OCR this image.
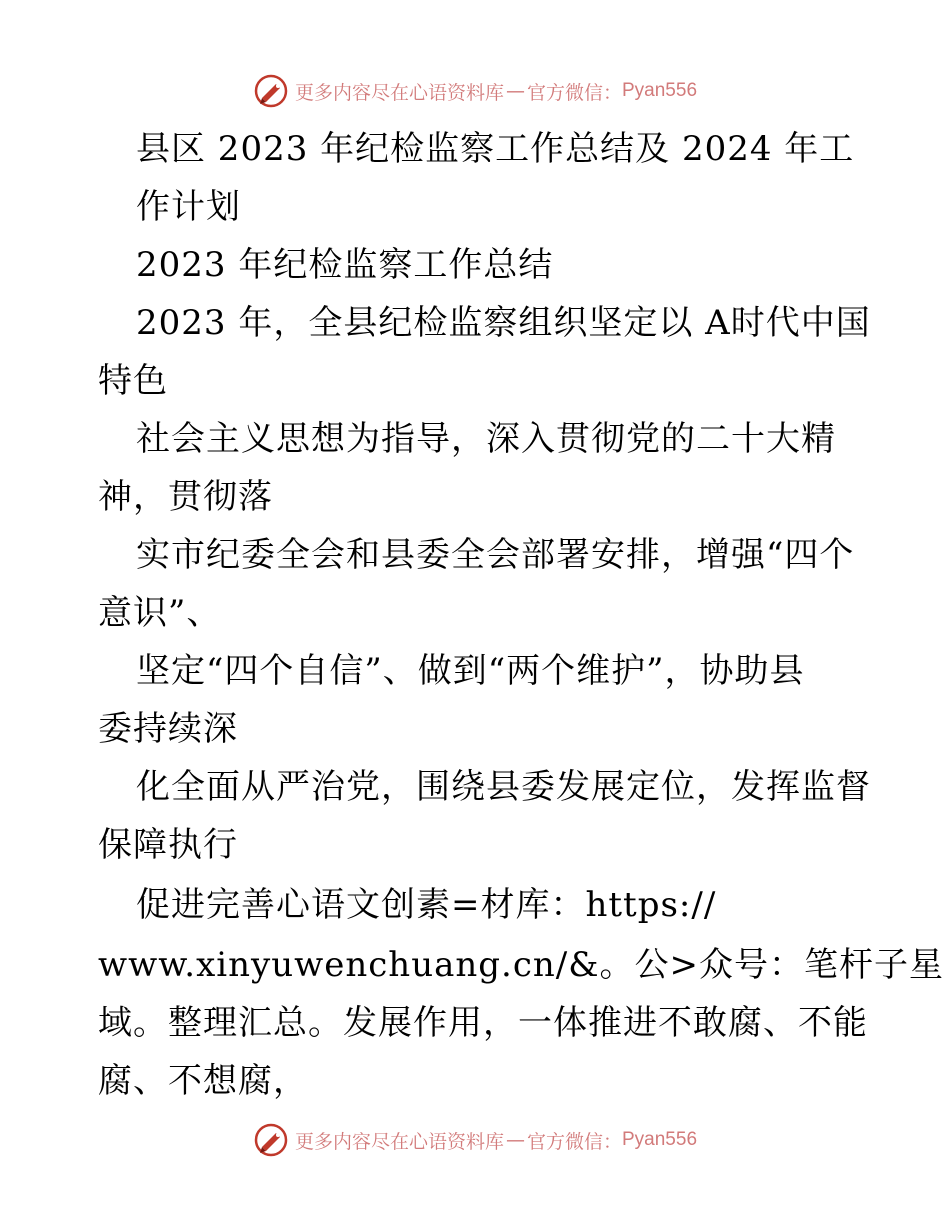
更多内容尽在心语资料库 — 官方微信： Pyan556
县区 2023 年纪检监察工作总结及 2024 年工
作计划
2023 年纪检监察工作总结
2023 年，全县纪检监察组织坚定以 A时代中国
特色
社会主义思想为指导，深入贯彻党的二十大精
神，贯彻落
实市纪委全会和县委全会部署安排，增强“四个
意识”、
坚定“四个自信”、做到“两个维护”，协助县
委持续深
化全面从严治党，围绕县委发展定位，发挥监督
保障执行
促进完善心语文创素=材库：https://
www.xinyuwenchuang.cn/&。公>众号：笔杆子星
域。整理汇总。发展作用，一体推进不敢腐、不能
腐、不想腐，
更多内容尽在心语资料库 — 官方微信： Pyan556
